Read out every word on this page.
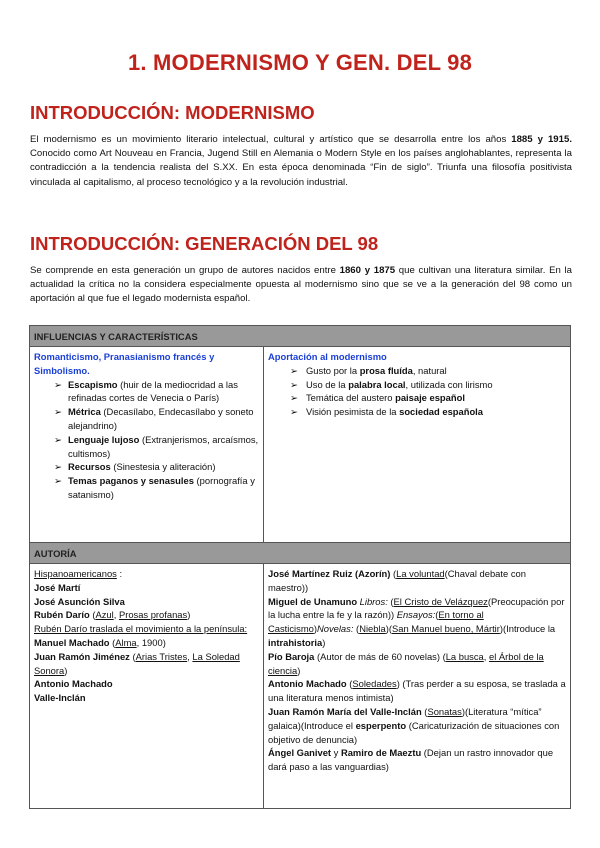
1. MODERNISMO Y GEN. DEL 98
INTRODUCCIÓN: MODERNISMO
El modernismo es un movimiento literario intelectual, cultural y artístico que se desarrolla entre los años 1885 y 1915. Conocido como Art Nouveau en Francia, Jugend Still en Alemania o Modern Style en los países anglohablantes, representa la contradicción a la tendencia realista del S.XX. En esta época denominada “Fin de siglo”. Triunfa una filosofía positivista vinculada al capitalismo, al proceso tecnológico y a la revolución industrial.
INTRODUCCIÓN: GENERACIÓN DEL 98
Se comprende en esta generación un grupo de autores nacidos entre 1860 y 1875 que cultivan una literatura similar. En la actualidad la crítica no la considera especialmente opuesta al modernismo sino que se ve a la generación del 98 como un aportación al que fue el legado modernista español.
INFLUENCIAS Y CARACTERÍSTICAS
Romanticismo, Pranasianismo francés y Simbolismo.
➢ Escapismo (huir de la mediocridad a las refinadas cortes de Venecia o París)
➢ Métrica (Decasílabo, Endecasílabo y soneto alejandrino)
➢ Lenguaje lujoso (Extranjerismos, arcaísmos, cultismos)
➢ Recursos (Sinestesia y aliteración)
➢ Temas paganos y senasules (pornografía y satanismo)
Aportación al modernismo
➢ Gusto por la prosa fluída, natural
➢ Uso de la palabra local, utilizada con lirismo
➢ Temática del austero paisaje español
➢ Visión pesimista de la sociedad española
AUTORÍA
Hispanoamericanos :
José Martí
José Asunción Silva
Rubén Darío (Azul, Prosas profanas)
Rubén Darío traslada el movimiento a la península:
Manuel Machado (Alma, 1900)
Juan Ramón Jiménez (Arias Tristes, La Soledad Sonora)
Antonio Machado
Valle-Inclán
José Martínez Ruiz (Azorín) (La voluntad(Chaval debate con maestro))
Miguel de Unamuno Libros: (El Cristo de Velázquez(Preocupación por la lucha entre la fe y la razón)) Ensayos:(En torno al Casticismo)Novelas: (Niebla)(San Manuel bueno, Mártir)(Introduce la intrahistoria)
Pío Baroja (Autor de más de 60 novelas) (La busca, el Árbol de la ciencia)
Antonio Machado (Soledades) (Tras perder a su esposa, se traslada a una literatura menos intimista)
Juan Ramón María del Valle-Inclán (Sonatas)(Literatura “mítica” galaica)(Introduce el esperpento (Caricaturización de situaciones con objetivo de denuncia)
Ángel Ganivet y Ramiro de Maeztu (Dejan un rastro innovador que dará paso a las vanguardias)
